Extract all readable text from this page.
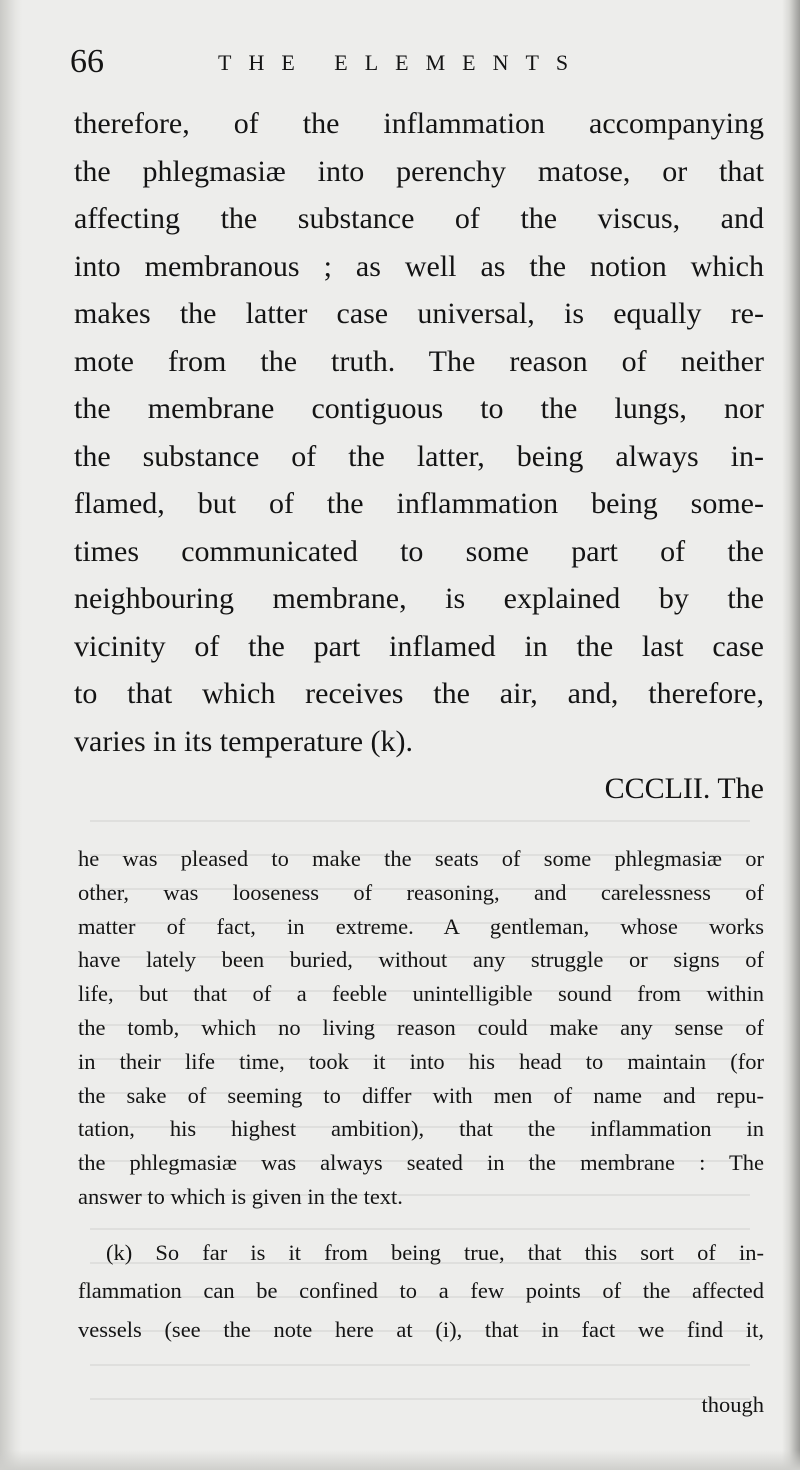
66	THE ELEMENTS
therefore, of the inflammation accompanying
the phlegmasiæ into perenchy matose, or that
affecting the substance of the viscus, and
into membranous ; as well as the notion which
makes the latter case universal, is equally re-
mote from the truth. The reason of neither
the membrane contiguous to the lungs, nor
the substance of the latter, being always in-
flamed, but of the inflammation being some-
times communicated to some part of the
neighbouring membrane, is explained by the
vicinity of the part inflamed in the last case
to that which receives the air, and, therefore,
varies in its temperature (k).
CCCLII. The
he was pleased to make the seats of some phlegmasiæ or
other, was looseness of reasoning, and carelessness of
matter of fact, in extreme. A gentleman, whose works
have lately been buried, without any struggle or signs of
life, but that of a feeble unintelligible sound from within
the tomb, which no living reason could make any sense of
in their life time, took it into his head to maintain (for
the sake of seeming to differ with men of name and repu-
tation, his highest ambition), that the inflammation in
the phlegmasiæ was always seated in the membrane : The
answer to which is given in the text.
(k) So far is it from being true, that this sort of in-
flammation can be confined to a few points of the affected
vessels (see the note here at (i), that in fact we find it,
though
